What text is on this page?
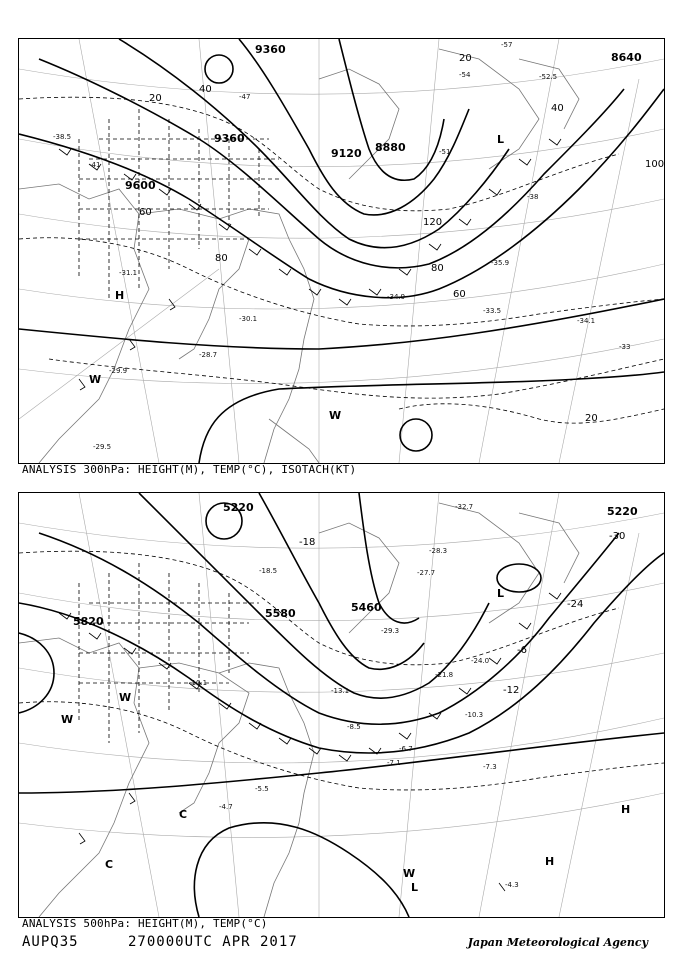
9360
9360
9120 8880
8640
9600
20
40
60
80
100
120
20
40
60
80
20
H
W
W
L
-47
-51
-52.5
-57
-54
-41
-38.5
-35.9
-34.9
-33.5
-34.1
-31.1
-30.1
-29.9
-28.7
-29.5
-38
-33
ANALYSIS 300hPa: HEIGHT(M), TEMP(°C), ISOTACH(KT)
5220	5220
5460
5820
5580
-18
-24
-30
-12
-6
W
W
C
C
W
L
L
H
H
-32.7
-28.3
-27.7
-21.8
-18.5
-10.1
-10.3
-8.5
-7.1	-7.3
-5.5
-4.7
-4.3
-6.7
-13.1
-24.0
-29.3
ANALYSIS 500hPa: HEIGHT(M), TEMP(°C)
AUPQ35	270000UTC APR 2017	Japan Meteorological Agency
